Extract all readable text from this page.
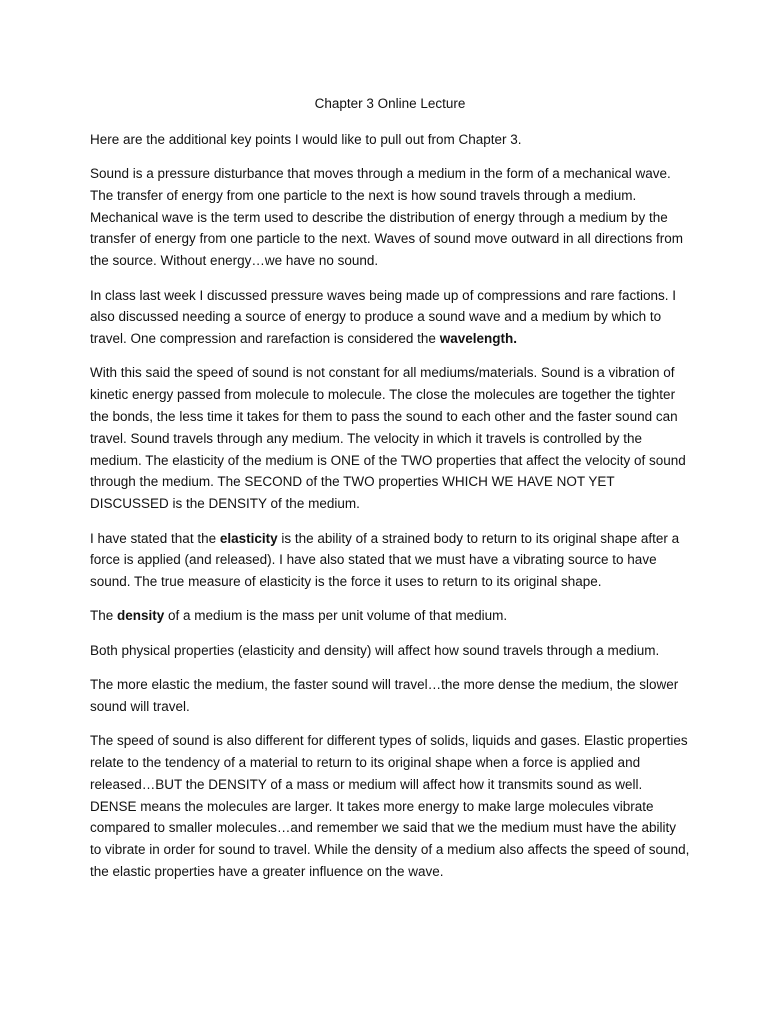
Chapter 3 Online Lecture

Here are the additional key points I would like to pull out from Chapter 3.

Sound is a pressure disturbance that moves through a medium in the form of a mechanical wave. The transfer of energy from one particle to the next is how sound travels through a medium. Mechanical wave is the term used to describe the distribution of energy through a medium by the transfer of energy from one particle to the next. Waves of sound move outward in all directions from the source. Without energy…we have no sound.

In class last week I discussed pressure waves being made up of compressions and rare factions. I also discussed needing a source of energy to produce a sound wave and a medium by which to travel. One compression and rarefaction is considered the wavelength.

With this said the speed of sound is not constant for all mediums/materials. Sound is a vibration of kinetic energy passed from molecule to molecule. The close the molecules are together the tighter the bonds, the less time it takes for them to pass the sound to each other and the faster sound can travel. Sound travels through any medium. The velocity in which it travels is controlled by the medium. The elasticity of the medium is ONE of the TWO properties that affect the velocity of sound through the medium. The SECOND of the TWO properties WHICH WE HAVE NOT YET DISCUSSED is the DENSITY of the medium.

I have stated that the elasticity is the ability of a strained body to return to its original shape after a force is applied (and released). I have also stated that we must have a vibrating source to have sound. The true measure of elasticity is the force it uses to return to its original shape.

The density of a medium is the mass per unit volume of that medium.

Both physical properties (elasticity and density) will affect how sound travels through a medium.

The more elastic the medium, the faster sound will travel…the more dense the medium, the slower sound will travel.

The speed of sound is also different for different types of solids, liquids and gases. Elastic properties relate to the tendency of a material to return to its original shape when a force is applied and released…BUT the DENSITY of a mass or medium will affect how it transmits sound as well. DENSE means the molecules are larger. It takes more energy to make large molecules vibrate compared to smaller molecules…and remember we said that we the medium must have the ability to vibrate in order for sound to travel. While the density of a medium also affects the speed of sound, the elastic properties have a greater influence on the wave.
